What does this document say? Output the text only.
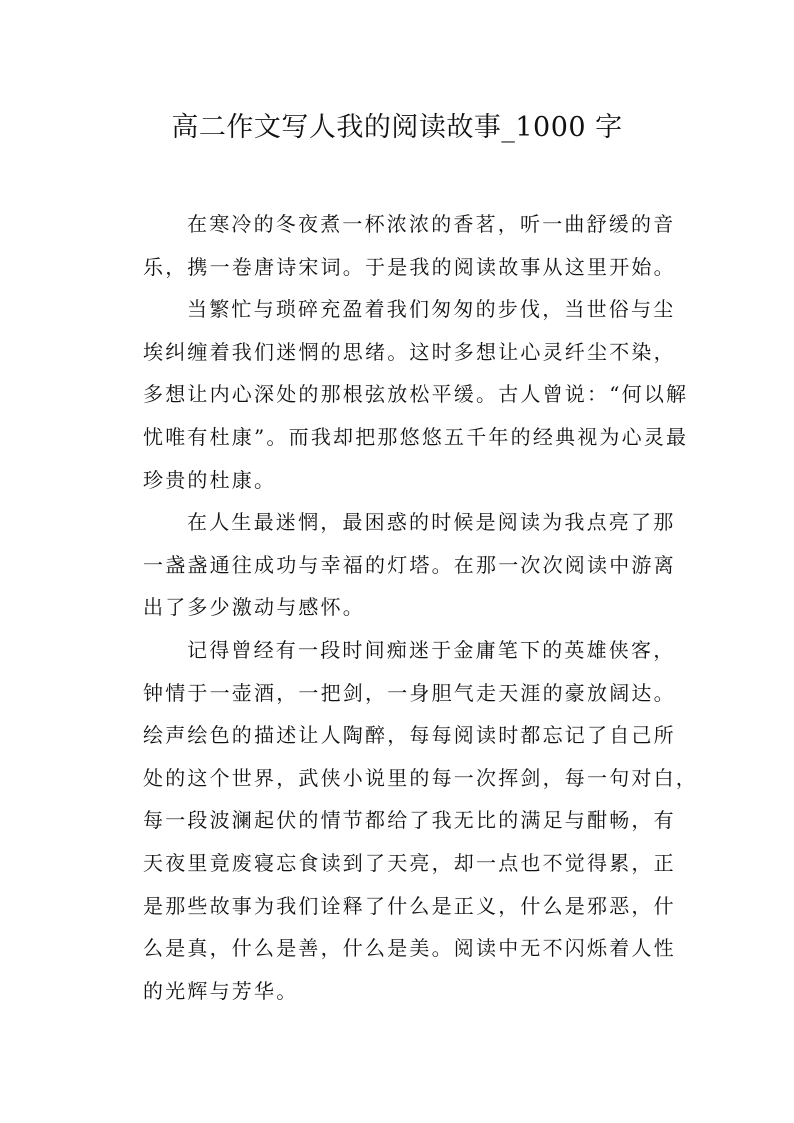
高二作文写人我的阅读故事_1000 字
在寒冷的冬夜煮一杯浓浓的香茗，听一曲舒缓的音
乐，携一卷唐诗宋词。于是我的阅读故事从这里开始。
当繁忙与琐碎充盈着我们匆匆的步伐，当世俗与尘
埃纠缠着我们迷惘的思绪。这时多想让心灵纤尘不染，
多想让内心深处的那根弦放松平缓。古人曾说：“何以解
忧唯有杜康”。而我却把那悠悠五千年的经典视为心灵最
珍贵的杜康。
在人生最迷惘，最困惑的时候是阅读为我点亮了那
一盏盏通往成功与幸福的灯塔。在那一次次阅读中游离
出了多少激动与感怀。
记得曾经有一段时间痴迷于金庸笔下的英雄侠客，
钟情于一壶酒，一把剑，一身胆气走天涯的豪放阔达。
绘声绘色的描述让人陶醉，每每阅读时都忘记了自己所
处的这个世界，武侠小说里的每一次挥剑，每一句对白，
每一段波澜起伏的情节都给了我无比的满足与酣畅，有
天夜里竟废寝忘食读到了天亮，却一点也不觉得累，正
是那些故事为我们诠释了什么是正义，什么是邪恶，什
么是真，什么是善，什么是美。阅读中无不闪烁着人性
的光辉与芳华。
